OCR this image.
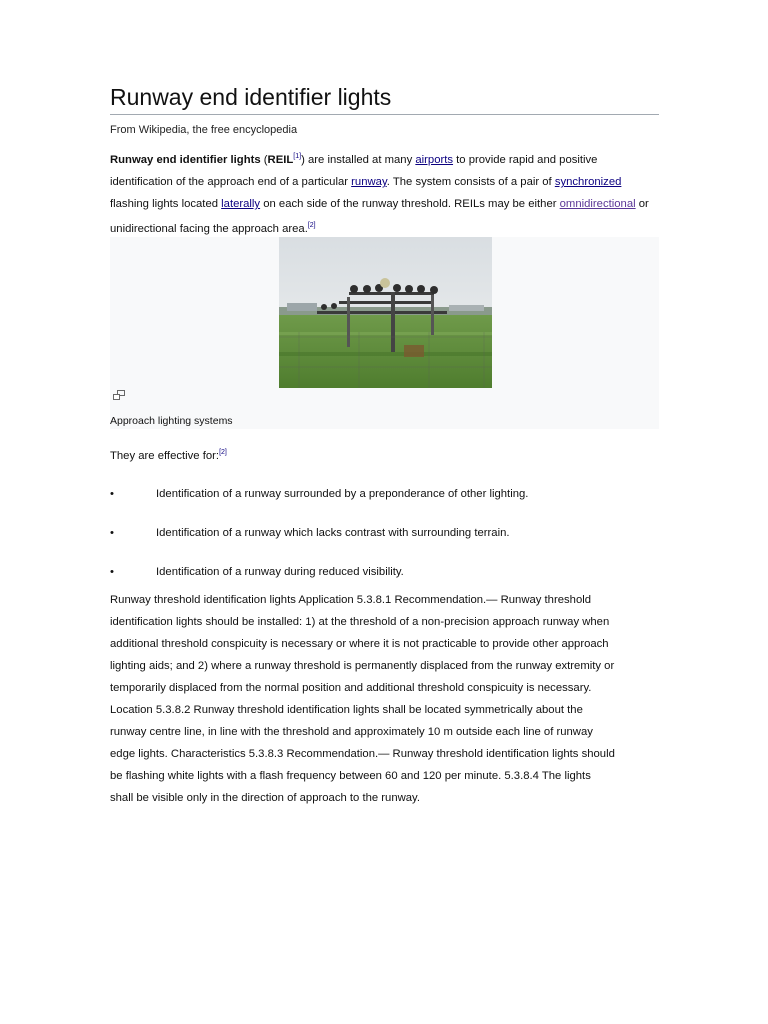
Runway end identifier lights
From Wikipedia, the free encyclopedia
Runway end identifier lights (REIL[1]) are installed at many airports to provide rapid and positive identification of the approach end of a particular runway. The system consists of a pair of synchronized flashing lights located laterally on each side of the runway threshold. REILs may be either omnidirectional or unidirectional facing the approach area.[2]
Approach lighting systems
They are effective for:[2]
•	Identification of a runway surrounded by a preponderance of other lighting.
•	Identification of a runway which lacks contrast with surrounding terrain.
•	Identification of a runway during reduced visibility.
Runway threshold identification lights Application 5.3.8.1 Recommendation.— Runway threshold
identification lights should be installed: 1) at the threshold of a non-precision approach runway when
additional threshold conspicuity is necessary or where it is not practicable to provide other approach
lighting aids; and 2) where a runway threshold is permanently displaced from the runway extremity or
temporarily displaced from the normal position and additional threshold conspicuity is necessary.
Location 5.3.8.2 Runway threshold identification lights shall be located symmetrically about the
runway centre line, in line with the threshold and approximately 10 m outside each line of runway
edge lights. Characteristics 5.3.8.3 Recommendation.— Runway threshold identification lights should
be flashing white lights with a flash frequency between 60 and 120 per minute. 5.3.8.4 The lights
shall be visible only in the direction of approach to the runway.
